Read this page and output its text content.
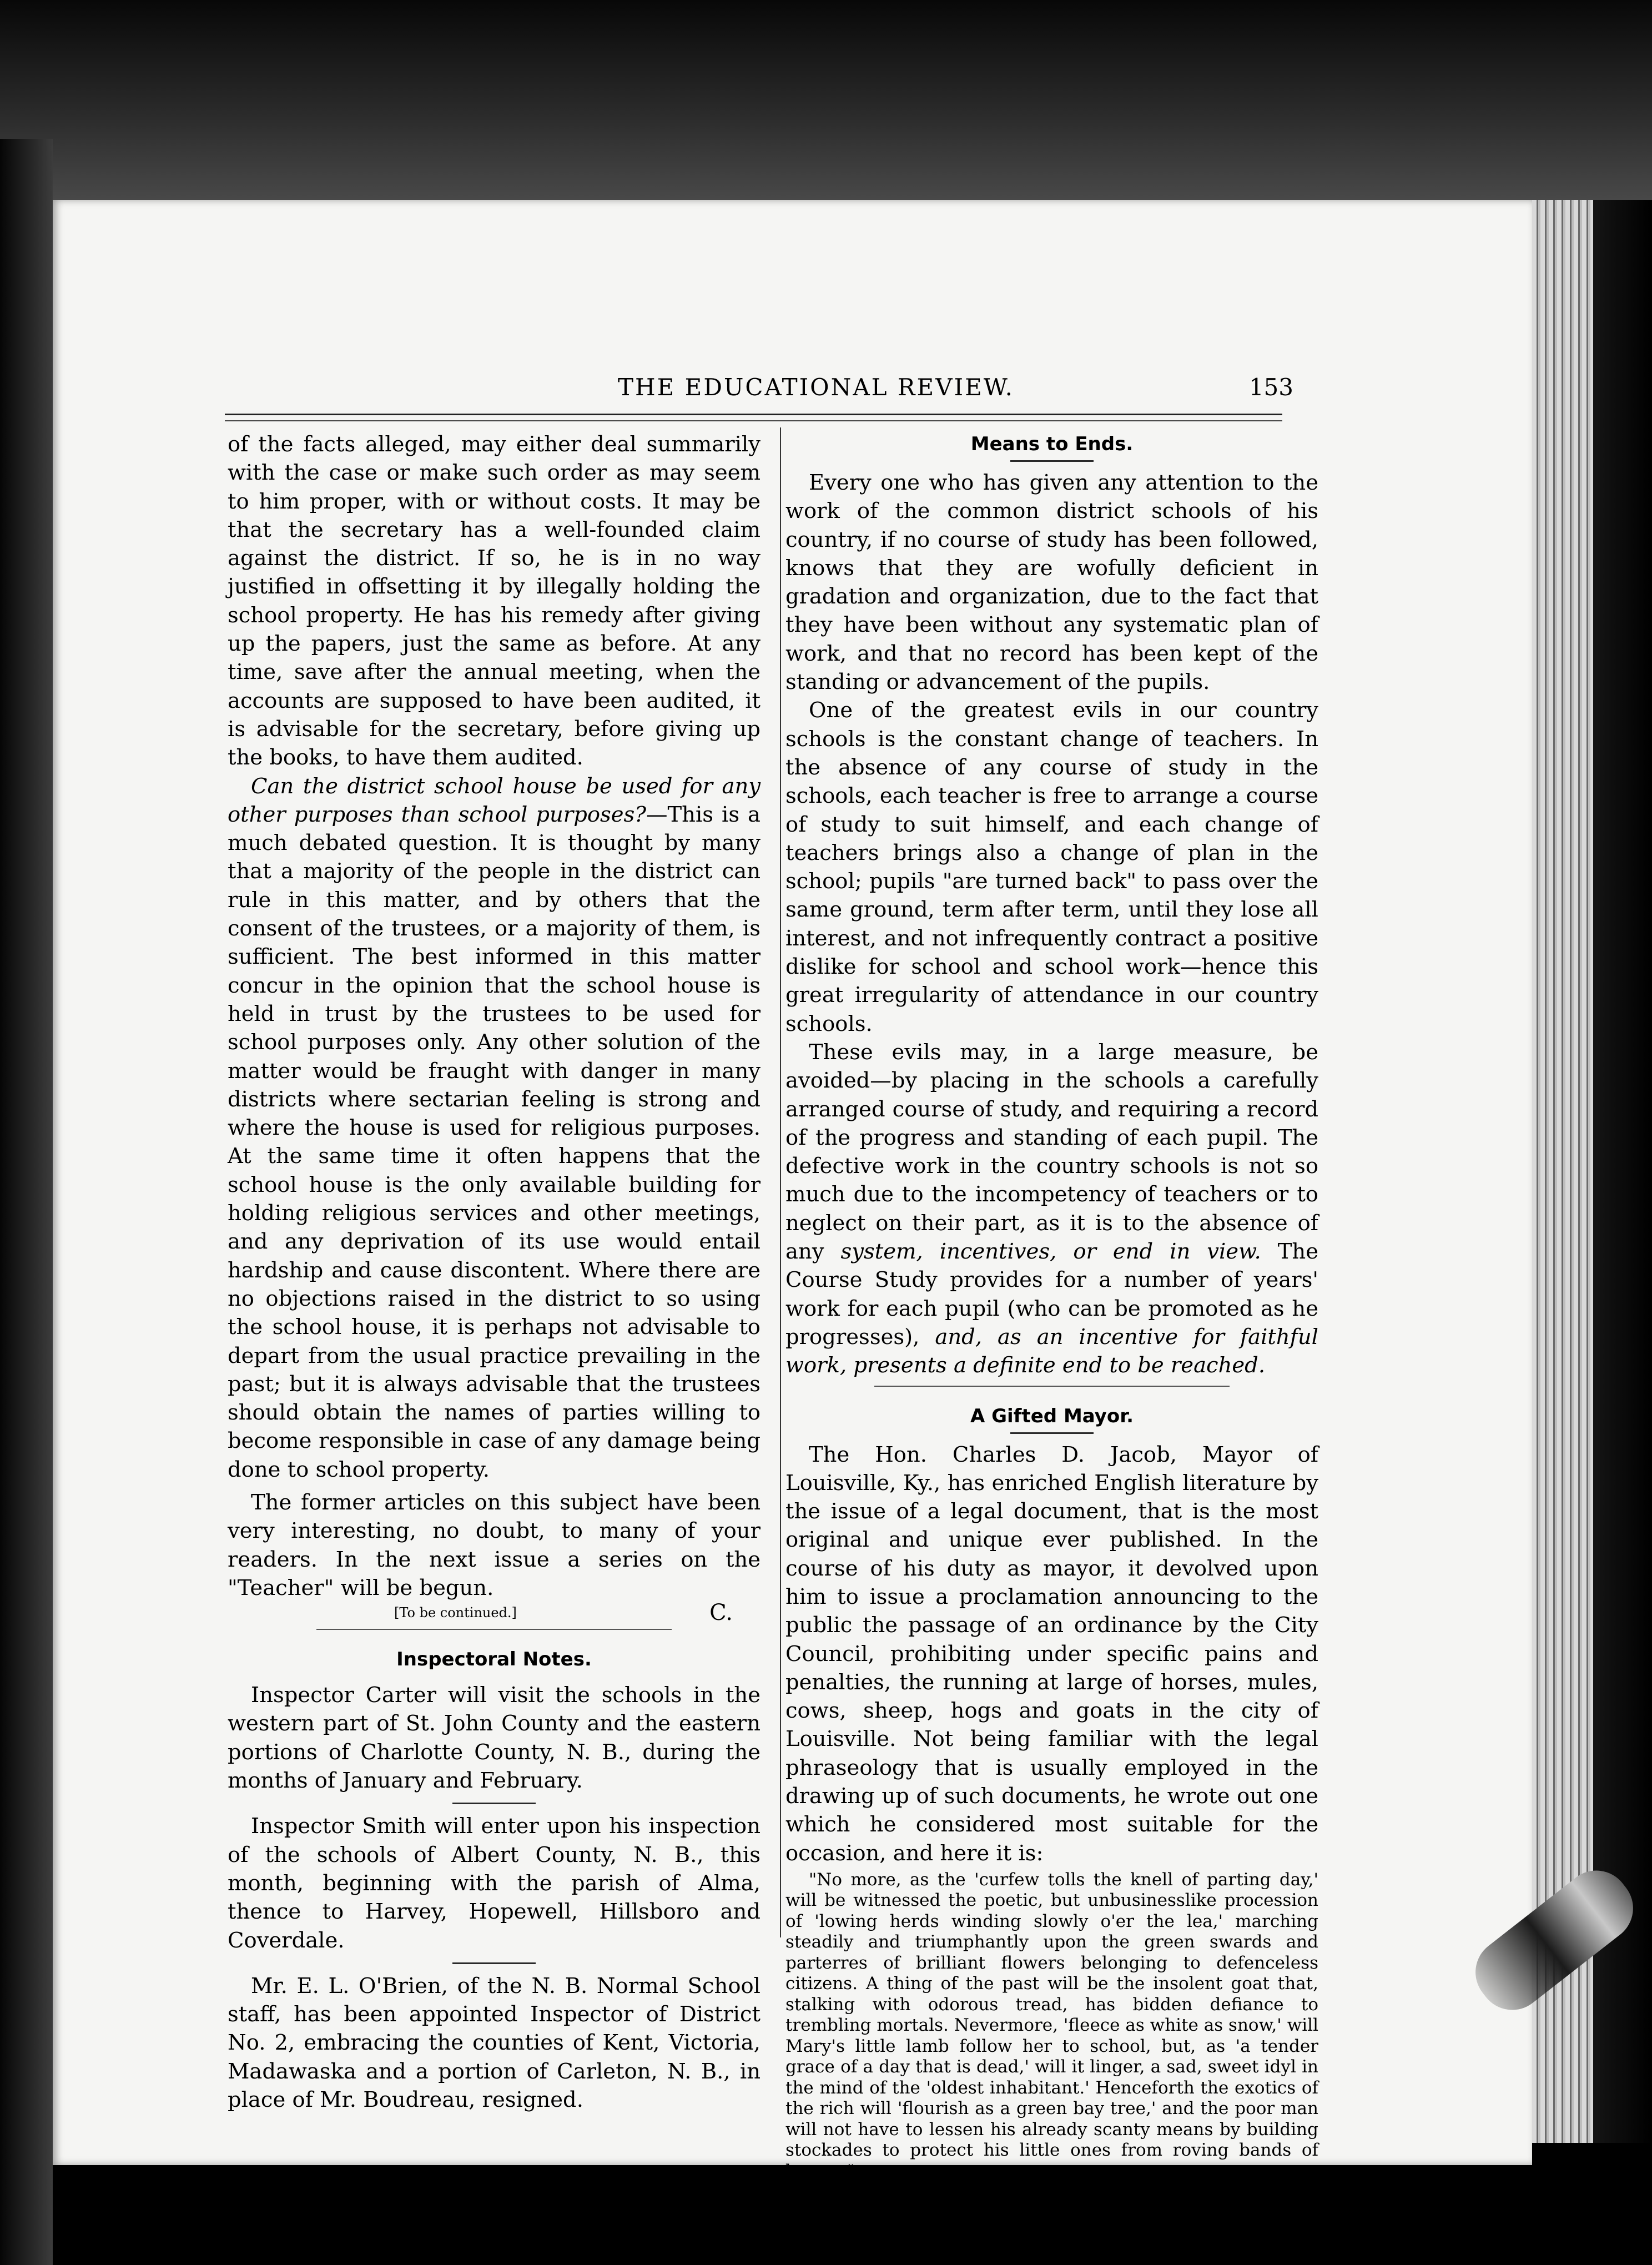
THE EDUCATIONAL REVIEW.	153

of the facts alleged, may either deal summarily with the case or make such order as may seem to him proper, with or without costs. It may be that the secretary has a well-founded claim against the district. If so, he is in no way justified in offsetting it by illegally holding the school property. He has his remedy after giving up the papers, just the same as before. At any time, save after the annual meeting, when the accounts are supposed to have been audited, it is advisable for the secretary, before giving up the books, to have them audited.

Can the district school house be used for any other purposes than school purposes?—This is a much debated question. It is thought by many that a majority of the people in the district can rule in this matter, and by others that the consent of the trustees, or a majority of them, is sufficient. The best informed in this matter concur in the opinion that the school house is held in trust by the trustees to be used for school purposes only. Any other solution of the matter would be fraught with danger in many districts where sectarian feeling is strong and where the house is used for religious purposes. At the same time it often happens that the school house is the only available building for holding religious services and other meetings, and any deprivation of its use would entail hardship and cause discontent. Where there are no objections raised in the district to so using the school house, it is perhaps not advisable to depart from the usual practice prevailing in the past; but it is always advisable that the trustees should obtain the names of parties willing to become responsible in case of any damage being done to school property.

The former articles on this subject have been very interesting, no doubt, to many of your readers. In the next issue a series on the "Teacher" will be begun.

[To be continued.]	C.
Inspectoral Notes.

Inspector Carter will visit the schools in the western part of St. John County and the eastern portions of Charlotte County, N. B., during the months of January and February.

Inspector Smith will enter upon his inspection of the schools of Albert County, N. B., this month, beginning with the parish of Alma, thence to Harvey, Hopewell, Hillsboro and Coverdale.

Mr. E. L. O'Brien, of the N. B. Normal School staff, has been appointed Inspector of District No. 2, embracing the counties of Kent, Victoria, Madawaska and a portion of Carleton, N. B., in place of Mr. Boudreau, resigned.

Means to Ends.

Every one who has given any attention to the work of the common district schools of his country, if no course of study has been followed, knows that they are wofully deficient in gradation and organization, due to the fact that they have been without any systematic plan of work, and that no record has been kept of the standing or advancement of the pupils.

One of the greatest evils in our country schools is the constant change of teachers. In the absence of any course of study in the schools, each teacher is free to arrange a course of study to suit himself, and each change of teachers brings also a change of plan in the school; pupils "are turned back" to pass over the same ground, term after term, until they lose all interest, and not infrequently contract a positive dislike for school and school work—hence this great irregularity of attendance in our country schools.

These evils may, in a large measure, be avoided—by placing in the schools a carefully arranged course of study, and requiring a record of the progress and standing of each pupil. The defective work in the country schools is not so much due to the incompetency of teachers or to neglect on their part, as it is to the absence of any system, incentives, or end in view. The Course Study provides for a number of years' work for each pupil (who can be promoted as he progresses), and, as an incentive for faithful work, presents a definite end to be reached.

A Gifted Mayor.

The Hon. Charles D. Jacob, Mayor of Louisville, Ky., has enriched English literature by the issue of a legal document, that is the most original and unique ever published. In the course of his duty as mayor, it devolved upon him to issue a proclamation announcing to the public the passage of an ordinance by the City Council, prohibiting under specific pains and penalties, the running at large of horses, mules, cows, sheep, hogs and goats in the city of Louisville. Not being familiar with the legal phraseology that is usually employed in the drawing up of such documents, he wrote out one which he considered most suitable for the occasion, and here it is:

"No more, as the 'curfew tolls the knell of parting day,' will be witnessed the poetic, but unbusinesslike procession of 'lowing herds winding slowly o'er the lea,' marching steadily and triumphantly upon the green swards and parterres of brilliant flowers belonging to defenceless citizens. A thing of the past will be the insolent goat that, stalking with odorous tread, has bidden defiance to trembling mortals. Nevermore, 'fleece as white as snow,' will Mary's little lamb follow her to school, but, as 'a tender grace of a day that is dead,' will it linger, a sad, sweet idyl in the mind of the 'oldest inhabitant.' Henceforth the exotics of the rich will 'flourish as a green bay tree,' and the poor man will not have to lessen his already scanty means by building stockades to protect his little ones from roving bands of beasts."

We doubt whether there is to be found in the
